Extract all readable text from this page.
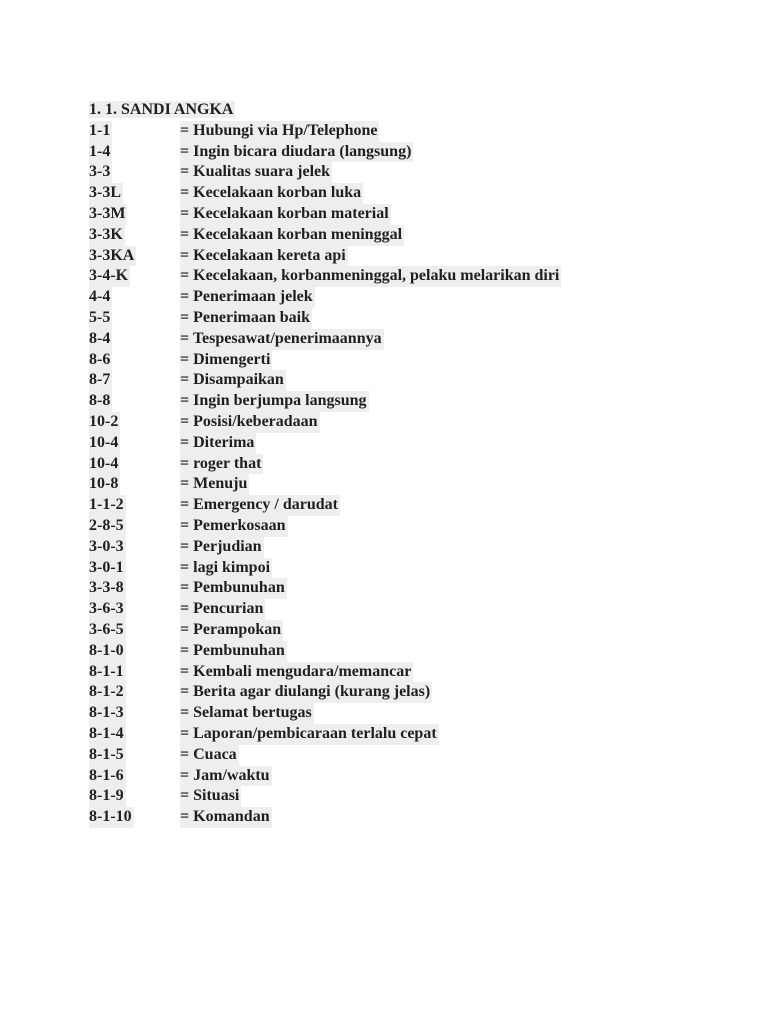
1. 1. SANDI ANGKA
1-1	= Hubungi via Hp/Telephone
1-4	= Ingin bicara diudara (langsung)
3-3	= Kualitas suara jelek
3-3L	= Kecelakaan korban luka
3-3M	= Kecelakaan korban material
3-3K	= Kecelakaan korban meninggal
3-3KA	= Kecelakaan kereta api
3-4-K	= Kecelakaan, korbanmeninggal, pelaku melarikan diri
4-4	= Penerimaan jelek
5-5	= Penerimaan baik
8-4	= Tespesawat/penerimaannya
8-6	= Dimengerti
8-7	= Disampaikan
8-8	= Ingin berjumpa langsung
10-2	= Posisi/keberadaan
10-4	= Diterima
10-4	= roger that
10-8	= Menuju
1-1-2	= Emergency / darudat
2-8-5	= Pemerkosaan
3-0-3	= Perjudian
3-0-1	= lagi kimpoi
3-3-8	= Pembunuhan
3-6-3	= Pencurian
3-6-5	= Perampokan
8-1-0	= Pembunuhan
8-1-1	= Kembali mengudara/memancar
8-1-2	= Berita agar diulangi (kurang jelas)
8-1-3	= Selamat bertugas
8-1-4	= Laporan/pembicaraan terlalu cepat
8-1-5	= Cuaca
8-1-6	= Jam/waktu
8-1-9	= Situasi
8-1-10	= Komandan
